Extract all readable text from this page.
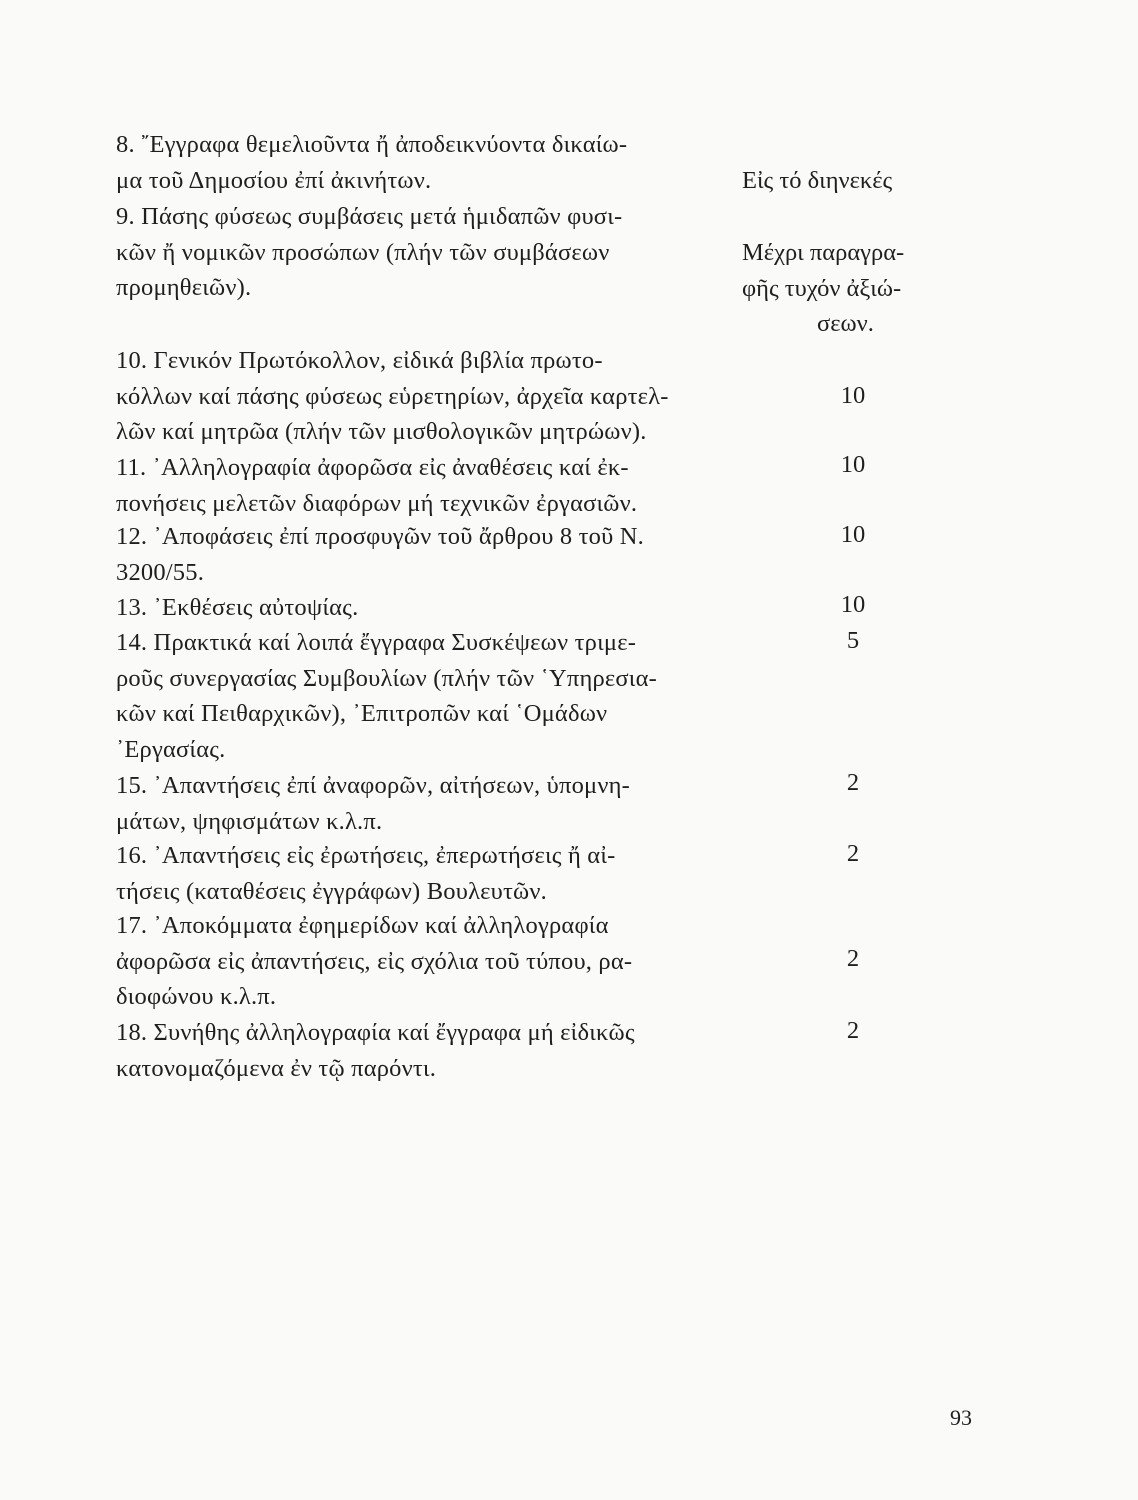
8. ῎Εγγραφα θεμελιοῦντα ἤ ἀποδεικνύοντα δικαίω-
μα τοῦ Δημοσίου ἐπί ἀκινήτων.	Εἰς τό διηνεκές
9. Πάσης φύσεως συμβάσεις μετά ἡμιδαπῶν φυσι-
κῶν ἤ νομικῶν προσώπων (πλήν τῶν συμβάσεων
προμηθειῶν).
Μέχρι παραγρα-
φῆς τυχόν ἀξιώ-
σεων.
10. Γενικόν Πρωτόκολλον, εἰδικά βιβλία πρωτο-
κόλλων καί πάσης φύσεως εὑρετηρίων, ἀρχεῖα καρτελ-
λῶν καί μητρῶα (πλήν τῶν μισθολογικῶν μητρώων).
10
11. ᾿Αλληλογραφία ἀφορῶσα εἰς ἀναθέσεις καί ἐκ-
πονήσεις μελετῶν διαφόρων μή τεχνικῶν ἐργασιῶν.
10
12. ᾿Αποφάσεις ἐπί προσφυγῶν τοῦ ἄρθρου 8 τοῦ Ν.
3200/55.
10
13. ᾿Εκθέσεις αὐτοψίας.	10
14. Πρακτικά καί λοιπά ἔγγραφα Συσκέψεων τριμε-
ροῦς συνεργασίας Συμβουλίων (πλήν τῶν ῾Υπηρεσια-
κῶν καί Πειθαρχικῶν), ᾿Επιτροπῶν καί ῾Ομάδων
᾿Εργασίας.
5
15. ᾿Απαντήσεις ἐπί ἀναφορῶν, αἰτήσεων, ὑπομνη-
μάτων, ψηφισμάτων κ.λ.π.
2
16. ᾿Απαντήσεις εἰς ἐρωτήσεις, ἐπερωτήσεις ἤ αἰ-
τήσεις (καταθέσεις ἐγγράφων) Βουλευτῶν.
2
17. ᾿Αποκόμματα ἐφημερίδων καί ἀλληλογραφία
ἀφορῶσα εἰς ἀπαντήσεις, εἰς σχόλια τοῦ τύπου, ρα-
διοφώνου κ.λ.π.
2
18. Συνήθης ἀλληλογραφία καί ἔγγραφα μή εἰδικῶς
κατονομαζόμενα ἐν τῷ παρόντι.
2
93
